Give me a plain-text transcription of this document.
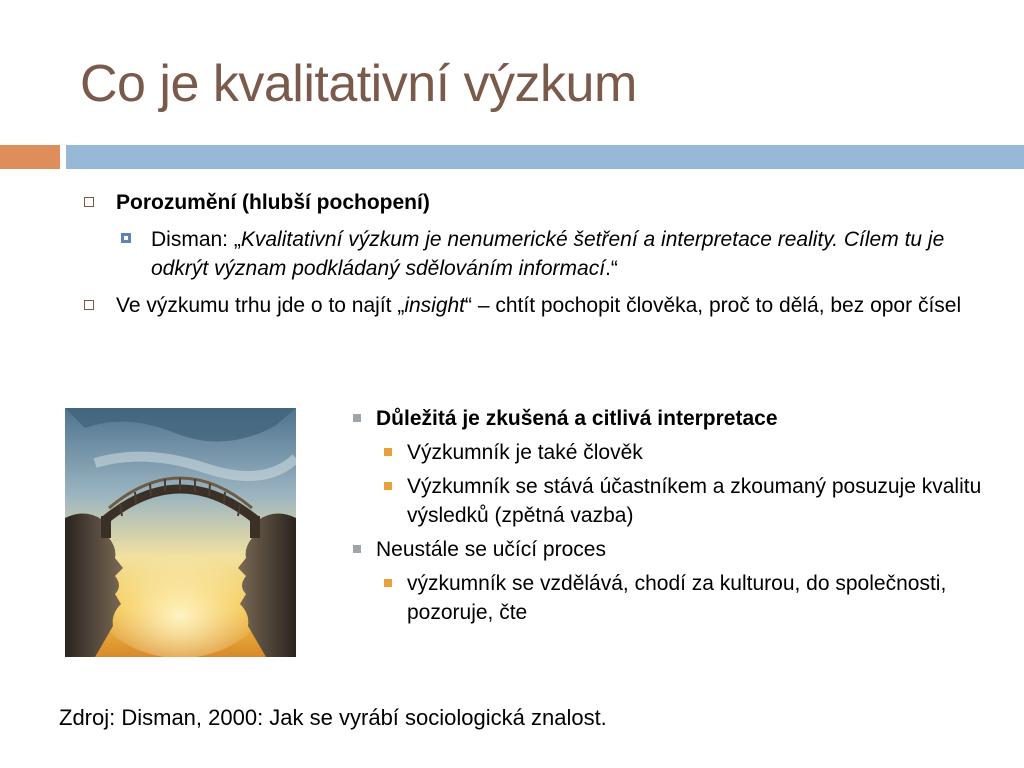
Co je kvalitativní výzkum
Porozumění (hlubší pochopení)
Disman: „Kvalitativní výzkum je nenumerické šetření a interpretace reality. Cílem tu je odkrýt význam podkládaný sdělováním informací.“
Ve výzkumu trhu jde o to najít „insight“ – chtít pochopit člověka, proč to dělá, bez opor čísel
Důležitá je zkušená a citlivá interpretace
Výzkumník je také člověk
Výzkumník se stává účastníkem a zkoumaný posuzuje kvalitu výsledků (zpětná vazba)
Neustále se učící proces
výzkumník se vzdělává, chodí za kulturou, do společnosti, pozoruje, čte
Zdroj: Disman, 2000: Jak se vyrábí sociologická znalost.
